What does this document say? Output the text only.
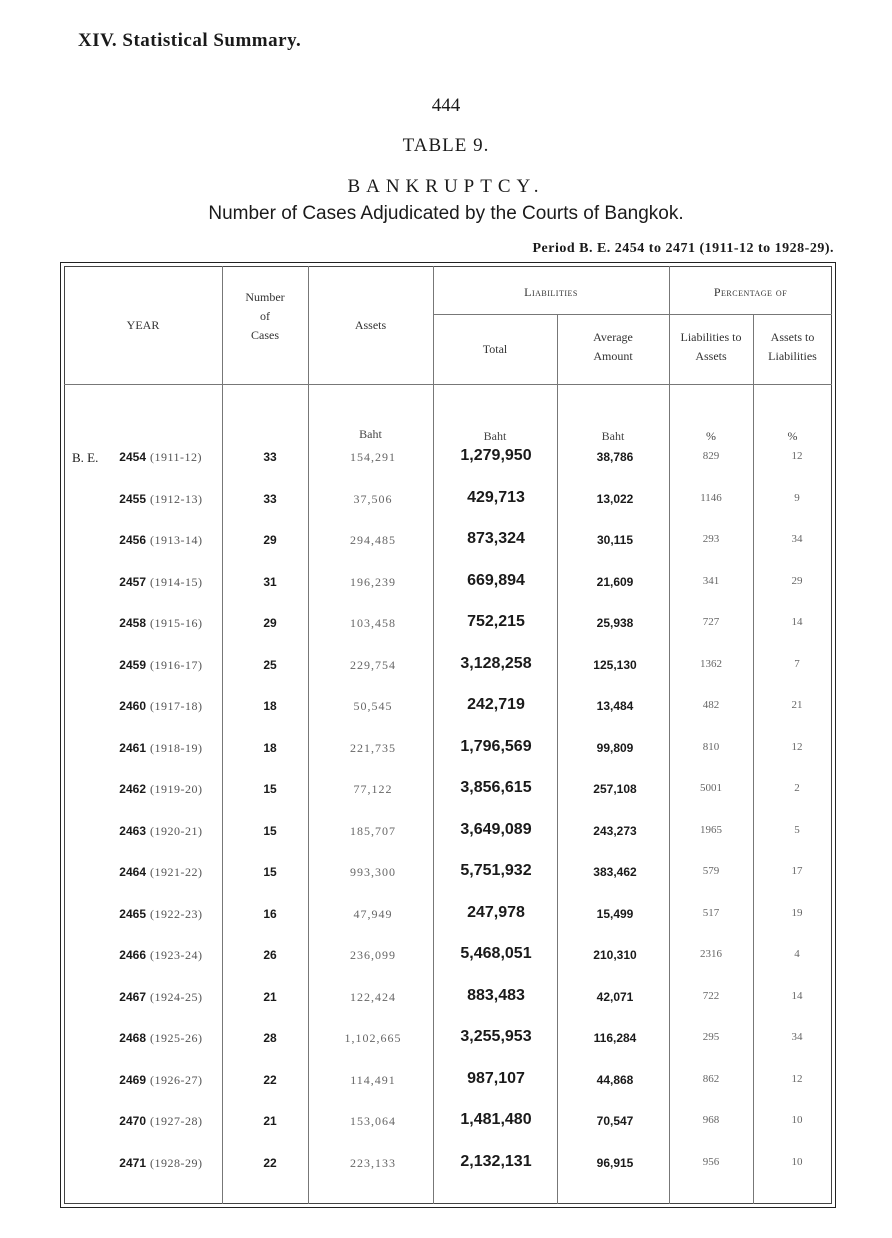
XIV. Statistical Summary.
444
TABLE 9.
BANKRUPTCY.
Number of Cases Adjudicated by the Courts of Bangkok.
Period B. E. 2454 to 2471 (1911-12 to 1928-29).
YEAR
Number
of
Cases
Assets
Liabilities	Percentage of
Total
Average
Amount
Liabilities to
Assets
Assets to
Liabilities
Baht	Baht	Baht	%	%
B. E.	2454 (1911-12)	33	154,291	1,279,950	38,786	829	12
2455 (1912-13)	33	37,506	429,713	13,022	1146	9
2456 (1913-14)	29	294,485	873,324	30,115	293	34
2457 (1914-15)	31	196,239	669,894	21,609	341	29
2458 (1915-16)	29	103,458	752,215	25,938	727	14
2459 (1916-17)	25	229,754	3,128,258	125,130	1362	7
2460 (1917-18)	18	50,545	242,719	13,484	482	21
2461 (1918-19)	18	221,735	1,796,569	99,809	810	12
2462 (1919-20)	15	77,122	3,856,615	257,108	5001	2
2463 (1920-21)	15	185,707	3,649,089	243,273	1965	5
2464 (1921-22)	15	993,300	5,751,932	383,462	579	17
2465 (1922-23)	16	47,949	247,978	15,499	517	19
2466 (1923-24)	26	236,099	5,468,051	210,310	2316	4
2467 (1924-25)	21	122,424	883,483	42,071	722	14
2468 (1925-26)	28	1,102,665	3,255,953	116,284	295	34
2469 (1926-27)	22	114,491	987,107	44,868	862	12
2470 (1927-28)	21	153,064	1,481,480	70,547	968	10
2471 (1928-29)	22	223,133	2,132,131	96,915	956	10
